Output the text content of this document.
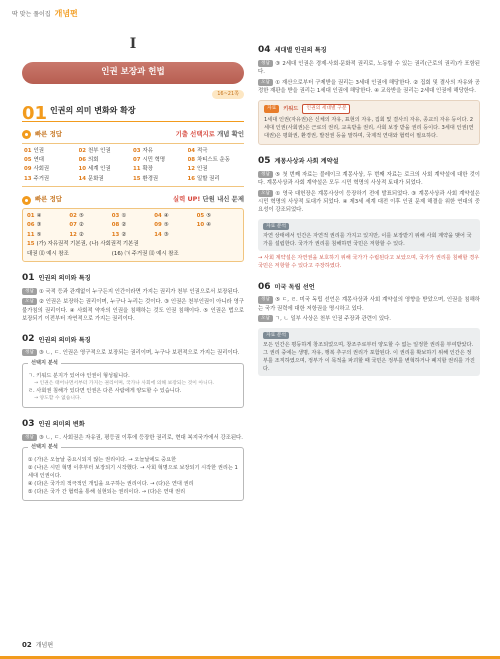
딱 맞는 풀이집 개념편
I
인권 보장과 헌법
01 인권의 의미 변화와 확장
16~21쪽
빠른 정답	기출 선택지로 개념 확인
01 인권	02 천부 인권	03 자유	04 적극
05 연대	06 의회	07 시민 혁명	08 차티스트 운동
09 사회권	10 세계 인권	11 확장	12 인권
13 주거권	14 문화권	15 환경권	16 일할 권리
빠른 정답	실력 UP! 단원 내신 문제
01 ④	02 ⑤	03 ①	04 ④	05 ⑤
06 ③	07 ②	08 ②	09 ⑤	10 ④
11 ⑤	12 ②	13 ②	14 ③
15 (가) 자유권적 기본권, (나) 사회권적 기본권
대권 ⑾ 예시 참조	(16) ㈀ 주거권 ⑾ 예시 참조
01 인권의 의미와 특징
정답 ① 국적 등과 관계없이 누구든지 인간이라면 가지는 권리가 천부 인권으로서 보장된다.
오답 ② 인권은 보장하는 권리이며, 누구나 누리는 것이다. ③ 인권은 천부인권이 아니라 영구불가침의 권리이다. ④ 사회적 약자의 인권을 침해하는 것도 인권 침해이다. ⑤ 인권은 법으로 보장되기 이전부터 자연적으로 가지는 권리이다.
02 인권의 의미와 특징
정답 ③ ㄴ, ㄷ. 인권은 영구적으로 보장되는 권리이며, 누구나 보편적으로 가지는 권리이다.
선택지 분석
ㄱ. 키워드 분지가 있어야 인권이 형성됩니다.
→ 인권은 태어나면서부터 가지는 권리이며, 국가나 사회에 의해 보장되는 것이 아니다.
ㄹ. 사회권 침해가 있다면 인권은 다른 사람에게 양도할 수 있습니다.
→ 양도할 수 없습니다.
03 인권 의미의 변화
정답 ③ ㄴ, ㄷ. 사회권은 자유권, 평등권 이후에 등장한 권리로, 현대 복지국가에서 강조된다.
선택지 분석
① (가)은 오늘날 중요시되지 않는 권리이다. → 오늘날에도 중요한
② (나)은 시민 혁명 이후부터 보장되기 시작했다. → 사회 혁명으로 보장되기 시작한 권리는 1세대 인권이다.
④ (다)은 국가의 적극적인 개입을 요구하는 권리이다. → (다)은 연대 권리
⑤ (다)은 국가 간 협력을 통해 실현되는 권리이다. → (다)은 연대 권리
04 세대별 인권의 특징
정답 ③ 2세대 인권은 경제·사회·문화적 권리로, 노동할 수 있는 권리(근로의 권리)가 포함된다.
오답 ① 재산으로부터 구제받을 권리는 3세대 인권에 해당한다. ② 집회 및 결사의 자유와 공정한 재판을 받을 권리는 1세대 인권에 해당한다. ④ 교육받을 권리는 2세대 인권에 해당한다.
자료	키워드	인권의 세대별 구분
1세대 인권(자유권)은 신체의 자유, 표현의 자유, 집회 및 결사의 자유, 종교의 자유 등이다. 2세대 인권(사회권)은 근로의 권리, 교육받을 권리, 사회 보장 받을 권리 등이다. 3세대 인권(연대권)은 평화권, 환경권, 발전권 등을 말하며, 국제적 연대와 협력이 필요하다.
05 계몽사상과 사회 계약설
정답 ⑤ 첫 번째 자료는 블레이크 계몽사상, 두 번째 자료는 로크의 사회 계약설에 대한 것이다. 계몽사상과 사회 계약설은 모두 시민 혁명의 사상적 토대가 되었다.
오답 ① 영국 대헌장은 계몽사상이 등장하기 전에 발표되었다. ③ 계몽사상과 사회 계약설은 시민 혁명의 사상적 토대가 되었다. ④ 제3세 세계 대전 이후 인권 문제 해결을 위한 연대의 중요성이 강조되었다.
자료 분석
자연 상태에서 인간은 자연적 권리를 가지고 있지만, 이를 보장받기 위해 사회 계약을 맺어 국가를 설립한다. 국가가 권리를 침해하면 국민은 저항할 수 있다.
→ 사회 계약설은 자연권을 보호하기 위해 국가가 수립된다고 보았으며, 국가가 권리를 침해할 경우 국민은 저항할 수 있다고 주장하였다.
06 미국 독립 선언
정답 ⑤ ㄷ, ㄹ. 미국 독립 선언은 계몽사상과 사회 계약설의 영향을 받았으며, 인권을 침해하는 국가 권력에 대한 저항권을 명시하고 있다.
오답 ㄱ, ㄴ 일부 사상은 천부 인권 주장과 관련이 있다.
자료 분석
모든 인간은 평등하게 창조되었으며, 창조주로부터 양도할 수 없는 일정한 권리를 부여받았다. 그 권리 중에는 생명, 자유, 행복 추구의 권리가 포함된다. 이 권리를 확보하기 위해 인간은 정부를 조직하였으며, 정부가 이 목적을 파괴할 때 국민은 정부를 변혁하거나 폐지할 권리를 가진다.
02 개념편
